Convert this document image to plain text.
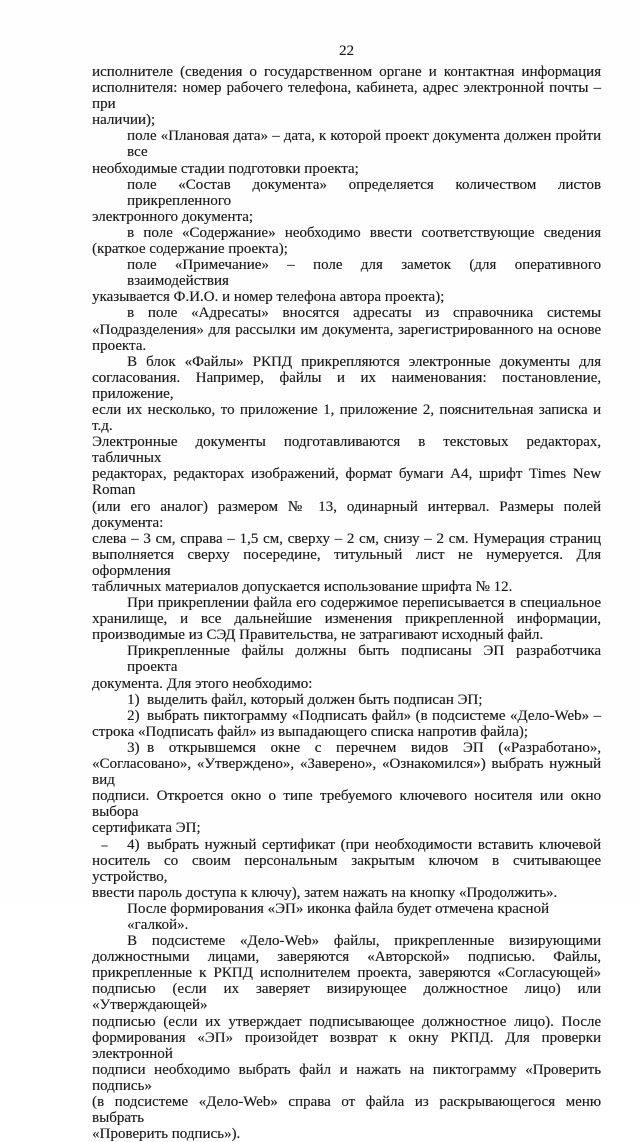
22

исполнителе (сведения о государственном органе и контактная информация
исполнителя: номер рабочего телефона, кабинета, адрес электронной почты – при
наличии);

поле «Плановая дата» – дата, к которой проект документа должен пройти все
необходимые стадии подготовки проекта;

поле «Состав документа» определяется количеством листов прикрепленного
электронного документа;

в поле «Содержание» необходимо ввести соответствующие сведения
(краткое содержание проекта);

поле «Примечание» – поле для заметок (для оперативного взаимодействия
указывается Ф.И.О. и номер телефона автора проекта);

в поле «Адресаты» вносятся адресаты из справочника системы
«Подразделения» для рассылки им документа, зарегистрированного на основе
проекта.

В блок «Файлы» РКПД прикрепляются электронные документы для
согласования. Например, файлы и их наименования: постановление, приложение,
если их несколько, то приложение 1, приложение 2, пояснительная записка и т.д.
Электронные документы подготавливаются в текстовых редакторах, табличных
редакторах, редакторах изображений, формат бумаги А4, шрифт Times New Roman
(или его аналог) размером № 13, одинарный интервал. Размеры полей документа:
слева – 3 см, справа – 1,5 см, сверху – 2 см, снизу – 2 см. Нумерация страниц
выполняется сверху посередине, титульный лист не нумеруется. Для оформления
табличных материалов допускается использование шрифта № 12.

При прикреплении файла его содержимое переписывается в специальное
хранилище, и все дальнейшие изменения прикрепленной информации,
производимые из СЭД Правительства, не затрагивают исходный файл.

Прикрепленные файлы должны быть подписаны ЭП разработчика проекта
документа. Для этого необходимо:

1) выделить файл, который должен быть подписан ЭП;

2) выбрать пиктограмму «Подписать файл» (в подсистеме «Дело-Web» –
строка «Подписать файл» из выпадающего списка напротив файла);

3) в открывшемся окне с перечнем видов ЭП («Разработано»,
«Согласовано», «Утверждено», «Заверено», «Ознакомился») выбрать нужный вид
подписи. Откроется окно о типе требуемого ключевого носителя или окно выбора
сертификата ЭП;

4) выбрать нужный сертификат (при необходимости вставить ключевой
носитель со своим персональным закрытым ключом в считывающее устройство,
ввести пароль доступа к ключу), затем нажать на кнопку «Продолжить».

После формирования «ЭП» иконка файла будет отмечена красной «галкой».

В подсистеме «Дело-Web» файлы, прикрепленные визирующими
должностными лицами, заверяются «Авторской» подписью. Файлы,
прикрепленные к РКПД исполнителем проекта, заверяются «Согласующей»
подписью (если их заверяет визирующее должностное лицо) или «Утверждающей»
подписью (если их утверждает подписывающее должностное лицо). После
формирования «ЭП» произойдет возврат к окну РКПД. Для проверки электронной
подписи необходимо выбрать файл и нажать на пиктограмму «Проверить подпись»
(в подсистеме «Дело-Web» справа от файла из раскрывающегося меню выбрать
«Проверить подпись»).
